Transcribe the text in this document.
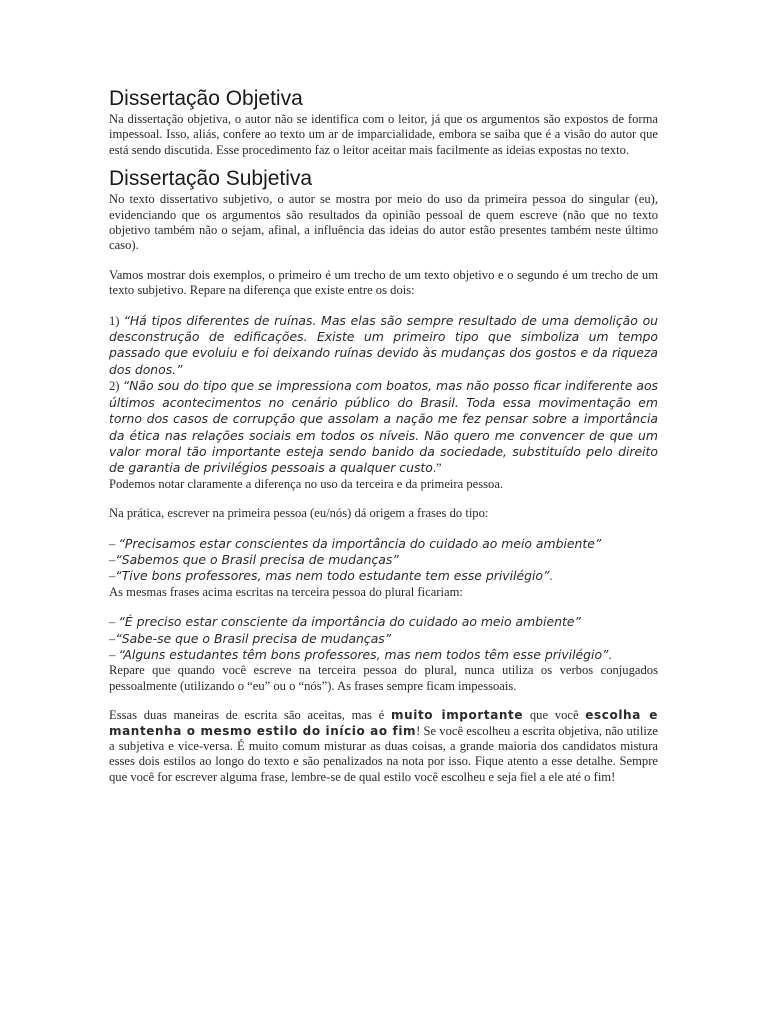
Dissertação Objetiva

Na dissertação objetiva, o autor não se identifica com o leitor, já que os argumentos são expostos de forma impessoal. Isso, aliás, confere ao texto um ar de imparcialidade, embora se saiba que é a visão do autor que está sendo discutida. Esse procedimento faz o leitor aceitar mais facilmente as ideias expostas no texto.

Dissertação Subjetiva

No texto dissertativo subjetivo, o autor se mostra por meio do uso da primeira pessoa do singular (eu), evidenciando que os argumentos são resultados da opinião pessoal de quem escreve (não que no texto objetivo também não o sejam, afinal, a influência das ideias do autor estão presentes também neste último caso).

Vamos mostrar dois exemplos, o primeiro é um trecho de um texto objetivo e o segundo é um trecho de um texto subjetivo. Repare na diferença que existe entre os dois:

1) “Há tipos diferentes de ruínas. Mas elas são sempre resultado de uma demolição ou desconstrução de edificações. Existe um primeiro tipo que simboliza um tempo passado que evoluiu e foi deixando ruínas devido às mudanças dos gostos e da riqueza dos donos.”

2) “Não sou do tipo que se impressiona com boatos, mas não posso ficar indiferente aos últimos acontecimentos no cenário público do Brasil. Toda essa movimentação em torno dos casos de corrupção que assolam a nação me fez pensar sobre a importância da ética nas relações sociais em todos os níveis. Não quero me convencer de que um valor moral tão importante esteja sendo banido da sociedade, substituído pelo direito de garantia de privilégios pessoais a qualquer custo.”

Podemos notar claramente a diferença no uso da terceira e da primeira pessoa.

Na prática, escrever na primeira pessoa (eu/nós) dá origem a frases do tipo:

– “Precisamos estar conscientes da importância do cuidado ao meio ambiente”

–“Sabemos que o Brasil precisa de mudanças”

–“Tive bons professores, mas nem todo estudante tem esse privilégio”.

As mesmas frases acima escritas na terceira pessoa do plural ficariam:

– “É preciso estar consciente da importância do cuidado ao meio ambiente”

–“Sabe-se que o Brasil precisa de mudanças”

– “Alguns estudantes têm bons professores, mas nem todos têm esse privilégio”.

Repare que quando você escreve na terceira pessoa do plural, nunca utiliza os verbos conjugados pessoalmente (utilizando o “eu” ou o “nós”). As frases sempre ficam impessoais.

Essas duas maneiras de escrita são aceitas, mas é muito importante que você escolha e mantenha o mesmo estilo do início ao fim! Se você escolheu a escrita objetiva, não utilize a subjetiva e vice-versa. É muito comum misturar as duas coisas, a grande maioria dos candidatos mistura esses dois estilos ao longo do texto e são penalizados na nota por isso. Fique atento a esse detalhe. Sempre que você for escrever alguma frase, lembre-se de qual estilo você escolheu e seja fiel a ele até o fim!
